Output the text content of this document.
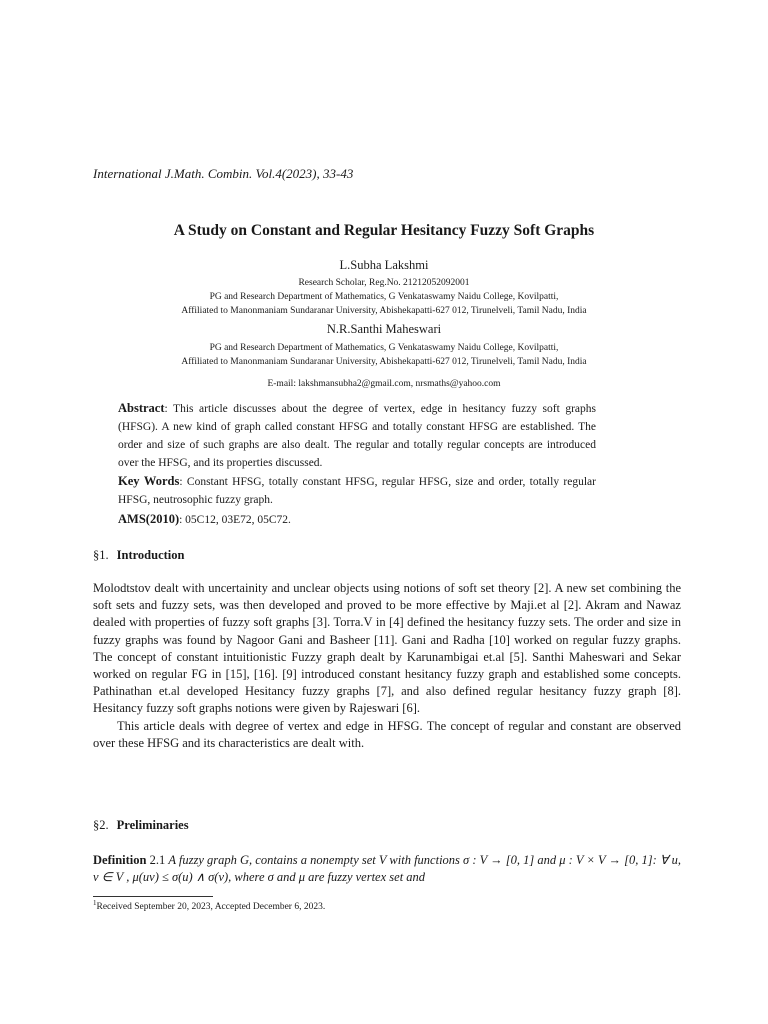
International J.Math. Combin. Vol.4(2023), 33-43
A Study on Constant and Regular Hesitancy Fuzzy Soft Graphs
L.Subha Lakshmi
Research Scholar, Reg.No. 21212052092001
PG and Research Department of Mathematics, G Venkataswamy Naidu College, Kovilpatti,
Affiliated to Manonmaniam Sundaranar University, Abishekapatti-627 012, Tirunelveli, Tamil Nadu, India
N.R.Santhi Maheswari
PG and Research Department of Mathematics, G Venkataswamy Naidu College, Kovilpatti,
Affiliated to Manonmaniam Sundaranar University, Abishekapatti-627 012, Tirunelveli, Tamil Nadu, India
E-mail: lakshmansubha2@gmail.com, nrsmaths@yahoo.com
Abstract: This article discusses about the degree of vertex, edge in hesitancy fuzzy soft graphs (HFSG). A new kind of graph called constant HFSG and totally constant HFSG are established. The order and size of such graphs are also dealt. The regular and totally regular concepts are introduced over the HFSG, and its properties discussed.
Key Words: Constant HFSG, totally constant HFSG, regular HFSG, size and order, totally regular HFSG, neutrosophic fuzzy graph.
AMS(2010): 05C12, 03E72, 05C72.
§1. Introduction

Molodtstov dealt with uncertainity and unclear objects using notions of soft set theory [2]. A new set combining the soft sets and fuzzy sets, was then developed and proved to be more effective by Maji.et al [2]. Akram and Nawaz dealed with properties of fuzzy soft graphs [3]. Torra.V in [4] defined the hesitancy fuzzy sets. The order and size in fuzzy graphs was found by Nagoor Gani and Basheer [11]. Gani and Radha [10] worked on regular fuzzy graphs. The concept of constant intuitionistic Fuzzy graph dealt by Karunambigai et.al [5]. Santhi Maheswari and Sekar worked on regular FG in [15], [16]. [9] introduced constant hesitancy fuzzy graph and established some concepts. Pathinathan et.al developed Hesitancy fuzzy graphs [7], and also defined regular hesitancy fuzzy graph [8]. Hesitancy fuzzy soft graphs notions were given by Rajeswari [6].

This article deals with degree of vertex and edge in HFSG. The concept of regular and constant are observed over these HFSG and its characteristics are dealt with.

§2. Preliminaries
Definition 2.1 A fuzzy graph G, contains a nonempty set V with functions σ : V → [0, 1] and μ : V × V → [0, 1]: ∀ u, v ∈ V , μ(uv) ≤ σ(u) ∧ σ(v), where σ and μ are fuzzy vertex set and
$^1$Received September 20, 2023, Accepted December 6, 2023.
